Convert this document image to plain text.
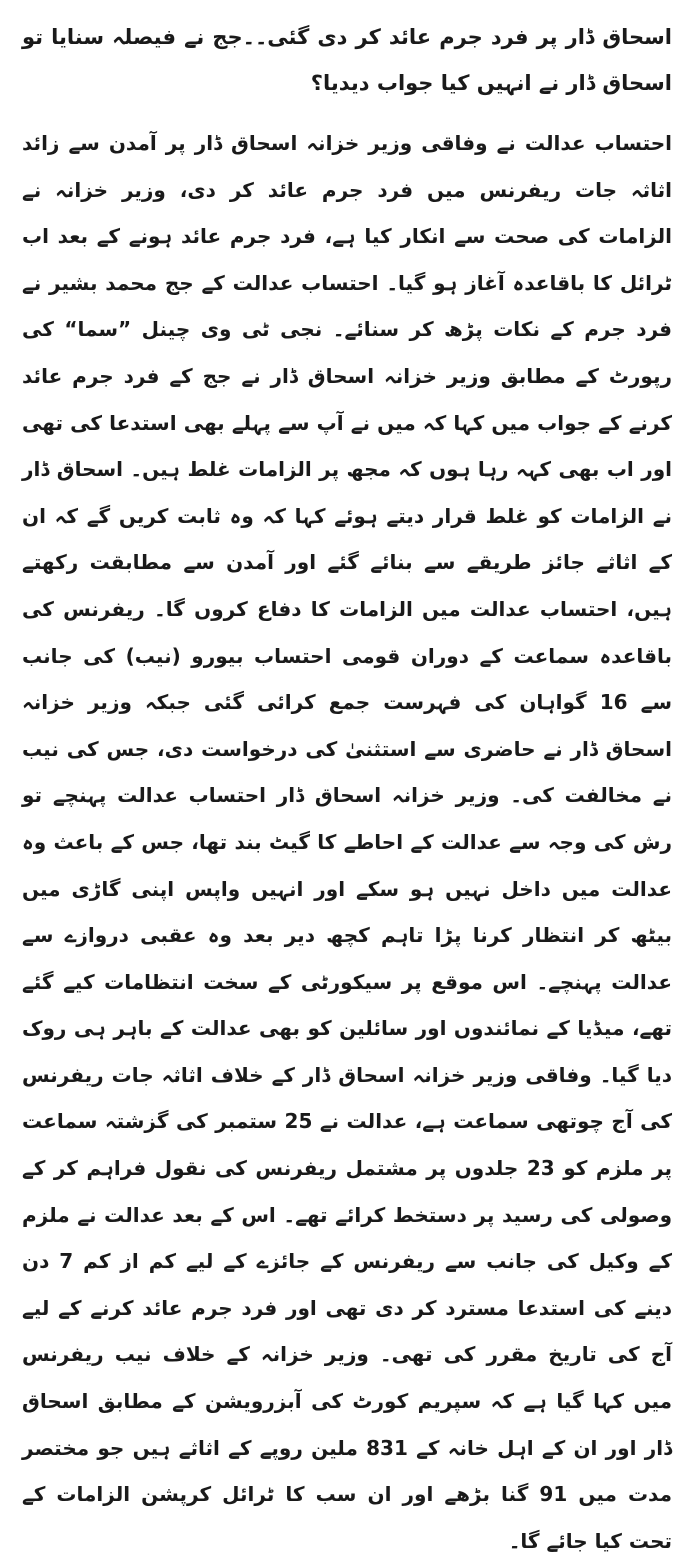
اسحاق ڈار پر فرد جرم عائد کر دی گئی۔۔جج نے فیصلہ سنایا تو اسحاق ڈار نے انہیں کیا جواب دیدیا؟

احتساب عدالت نے وفاقی وزیر خزانہ اسحاق ڈار پر آمدن سے زائد اثاثہ جات ریفرنس میں فرد جرم عائد کر دی، وزیر خزانہ نے الزامات کی صحت سے انکار کیا ہے، فرد جرم عائد ہونے کے بعد اب ٹرائل کا باقاعدہ آغاز ہو گیا۔ احتساب عدالت کے جج محمد بشیر نے فرد جرم کے نکات پڑھ کر سنائے۔ نجی ٹی وی چینل ”سما“ کی رپورٹ کے مطابق وزیر خزانہ اسحاق ڈار نے جج کے فرد جرم عائد کرنے کے جواب میں کہا کہ میں نے آپ سے پہلے بھی استدعا کی تھی اور اب بھی کہہ رہا ہوں کہ مجھ پر الزامات غلط ہیں۔ اسحاق ڈار نے الزامات کو غلط قرار دیتے ہوئے کہا کہ وہ ثابت کریں گے کہ ان کے اثاثے جائز طریقے سے بنائے گئے اور آمدن سے مطابقت رکھتے ہیں، احتساب عدالت میں الزامات کا دفاع کروں گا۔ ریفرنس کی باقاعدہ سماعت کے دوران قومی احتساب بیورو (نیب) کی جانب سے 16 گواہان کی فہرست جمع کرائی گئی جبکہ وزیر خزانہ اسحاق ڈار نے حاضری سے استثنیٰ کی درخواست دی، جس کی نیب نے مخالفت کی۔ وزیر خزانہ اسحاق ڈار احتساب عدالت پہنچے تو رش کی وجہ سے عدالت کے احاطے کا گیٹ بند تھا، جس کے باعث وہ عدالت میں داخل نہیں ہو سکے اور انہیں واپس اپنی گاڑی میں بیٹھ کر انتظار کرنا پڑا تاہم کچھ دیر بعد وہ عقبی دروازے سے عدالت پہنچے۔ اس موقع پر سیکورٹی کے سخت انتظامات کیے گئے تھے، میڈیا کے نمائندوں اور سائلین کو بھی عدالت کے باہر ہی روک دیا گیا۔ وفاقی وزیر خزانہ اسحاق ڈار کے خلاف اثاثہ جات ریفرنس کی آج چوتھی سماعت ہے، عدالت نے 25 ستمبر کی گزشتہ سماعت پر ملزم کو 23 جلدوں پر مشتمل ریفرنس کی نقول فراہم کر کے وصولی کی رسید پر دستخط کرائے تھے۔ اس کے بعد عدالت نے ملزم کے وکیل کی جانب سے ریفرنس کے جائزے کے لیے کم از کم 7 دن دینے کی استدعا مسترد کر دی تھی اور فرد جرم عائد کرنے کے لیے آج کی تاریخ مقرر کی تھی۔ وزیر خزانہ کے خلاف نیب ریفرنس میں کہا گیا ہے کہ سپریم کورٹ کی آبزرویشن کے مطابق اسحاق ڈار اور ان کے اہل خانہ کے 831 ملین روپے کے اثاثے ہیں جو مختصر مدت میں 91 گنا بڑھے اور ان سب کا ٹرائل کرپشن الزامات کے تحت کیا جائے گا۔
